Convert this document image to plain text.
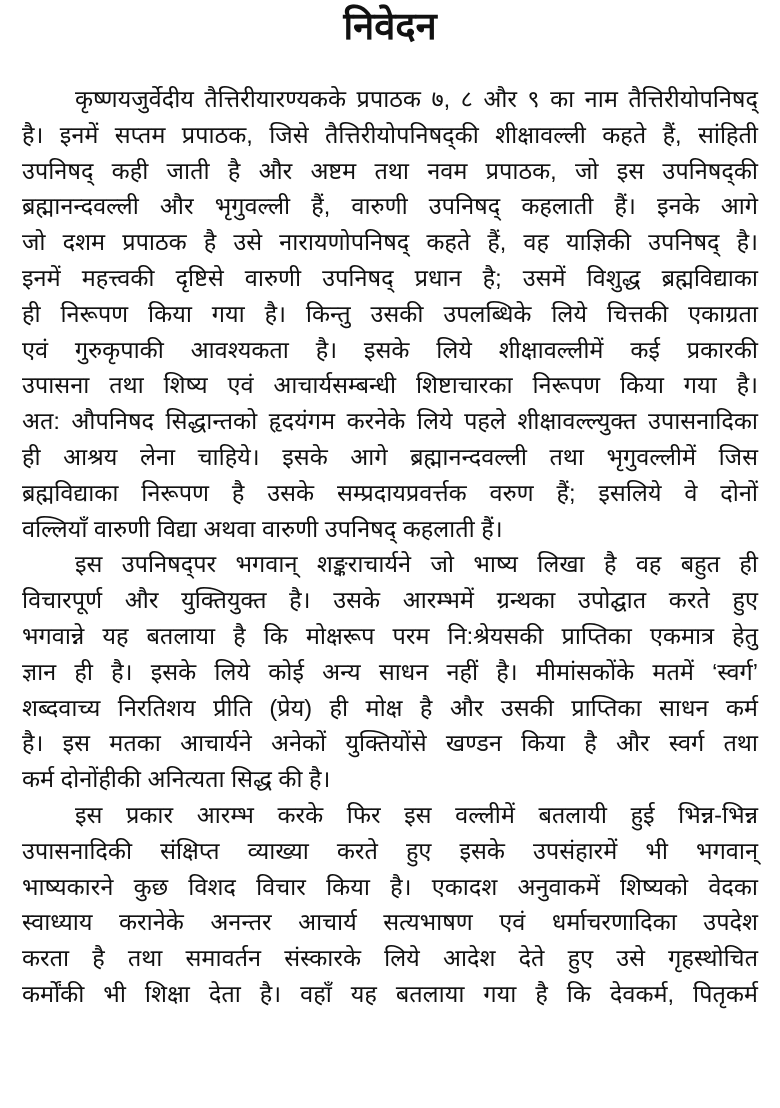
निवेदन
कृष्णयजुर्वेदीय तैत्तिरीयारण्यकके प्रपाठक ७, ८ और ९ का नाम तैत्तिरीयोपनिषद्
है। इनमें सप्तम प्रपाठक, जिसे तैत्तिरीयोपनिषद्की शीक्षावल्ली कहते हैं, सांहिती
उपनिषद् कही जाती है और अष्टम तथा नवम प्रपाठक, जो इस उपनिषद्की
ब्रह्मानन्दवल्ली और भृगुवल्ली हैं, वारुणी उपनिषद् कहलाती हैं। इनके आगे
जो दशम प्रपाठक है उसे नारायणोपनिषद् कहते हैं, वह याज्ञिकी उपनिषद् है।
इनमें महत्त्वकी दृष्टिसे वारुणी उपनिषद् प्रधान है; उसमें विशुद्ध ब्रह्मविद्याका
ही निरूपण किया गया है। किन्तु उसकी उपलब्धिके लिये चित्तकी एकाग्रता
एवं गुरुकृपाकी आवश्यकता है। इसके लिये शीक्षावल्लीमें कई प्रकारकी
उपासना तथा शिष्य एवं आचार्यसम्बन्धी शिष्टाचारका निरूपण किया गया है।
अत: औपनिषद सिद्धान्तको हृदयंगम करनेके लिये पहले शीक्षावल्ल्युक्त उपासनादिका
ही आश्रय लेना चाहिये। इसके आगे ब्रह्मानन्दवल्ली तथा भृगुवल्लीमें जिस
ब्रह्मविद्याका निरूपण है उसके सम्प्रदायप्रवर्त्तक वरुण हैं; इसलिये वे दोनों
वल्लियाँ वारुणी विद्या अथवा वारुणी उपनिषद् कहलाती हैं।
इस उपनिषद्पर भगवान् शङ्कराचार्यने जो भाष्य लिखा है वह बहुत ही
विचारपूर्ण और युक्तियुक्त है। उसके आरम्भमें ग्रन्थका उपोद्घात करते हुए
भगवान्ने यह बतलाया है कि मोक्षरूप परम नि:श्रेयसकी प्राप्तिका एकमात्र हेतु
ज्ञान ही है। इसके लिये कोई अन्य साधन नहीं है। मीमांसकोंके मतमें ‘स्वर्ग’
शब्दवाच्य निरतिशय प्रीति (प्रेय) ही मोक्ष है और उसकी प्राप्तिका साधन कर्म
है। इस मतका आचार्यने अनेकों युक्तियोंसे खण्डन किया है और स्वर्ग तथा
कर्म दोनोंहीकी अनित्यता सिद्ध की है।
इस प्रकार आरम्भ करके फिर इस वल्लीमें बतलायी हुई भिन्न-भिन्न
उपासनादिकी संक्षिप्त व्याख्या करते हुए इसके उपसंहारमें भी भगवान्
भाष्यकारने कुछ विशद विचार किया है। एकादश अनुवाकमें शिष्यको वेदका
स्वाध्याय करानेके अनन्तर आचार्य सत्यभाषण एवं धर्माचरणादिका उपदेश
करता है तथा समावर्तन संस्कारके लिये आदेश देते हुए उसे गृहस्थोचित
कर्मोंकी भी शिक्षा देता है। वहाँ यह बतलाया गया है कि देवकर्म, पितृकर्म
